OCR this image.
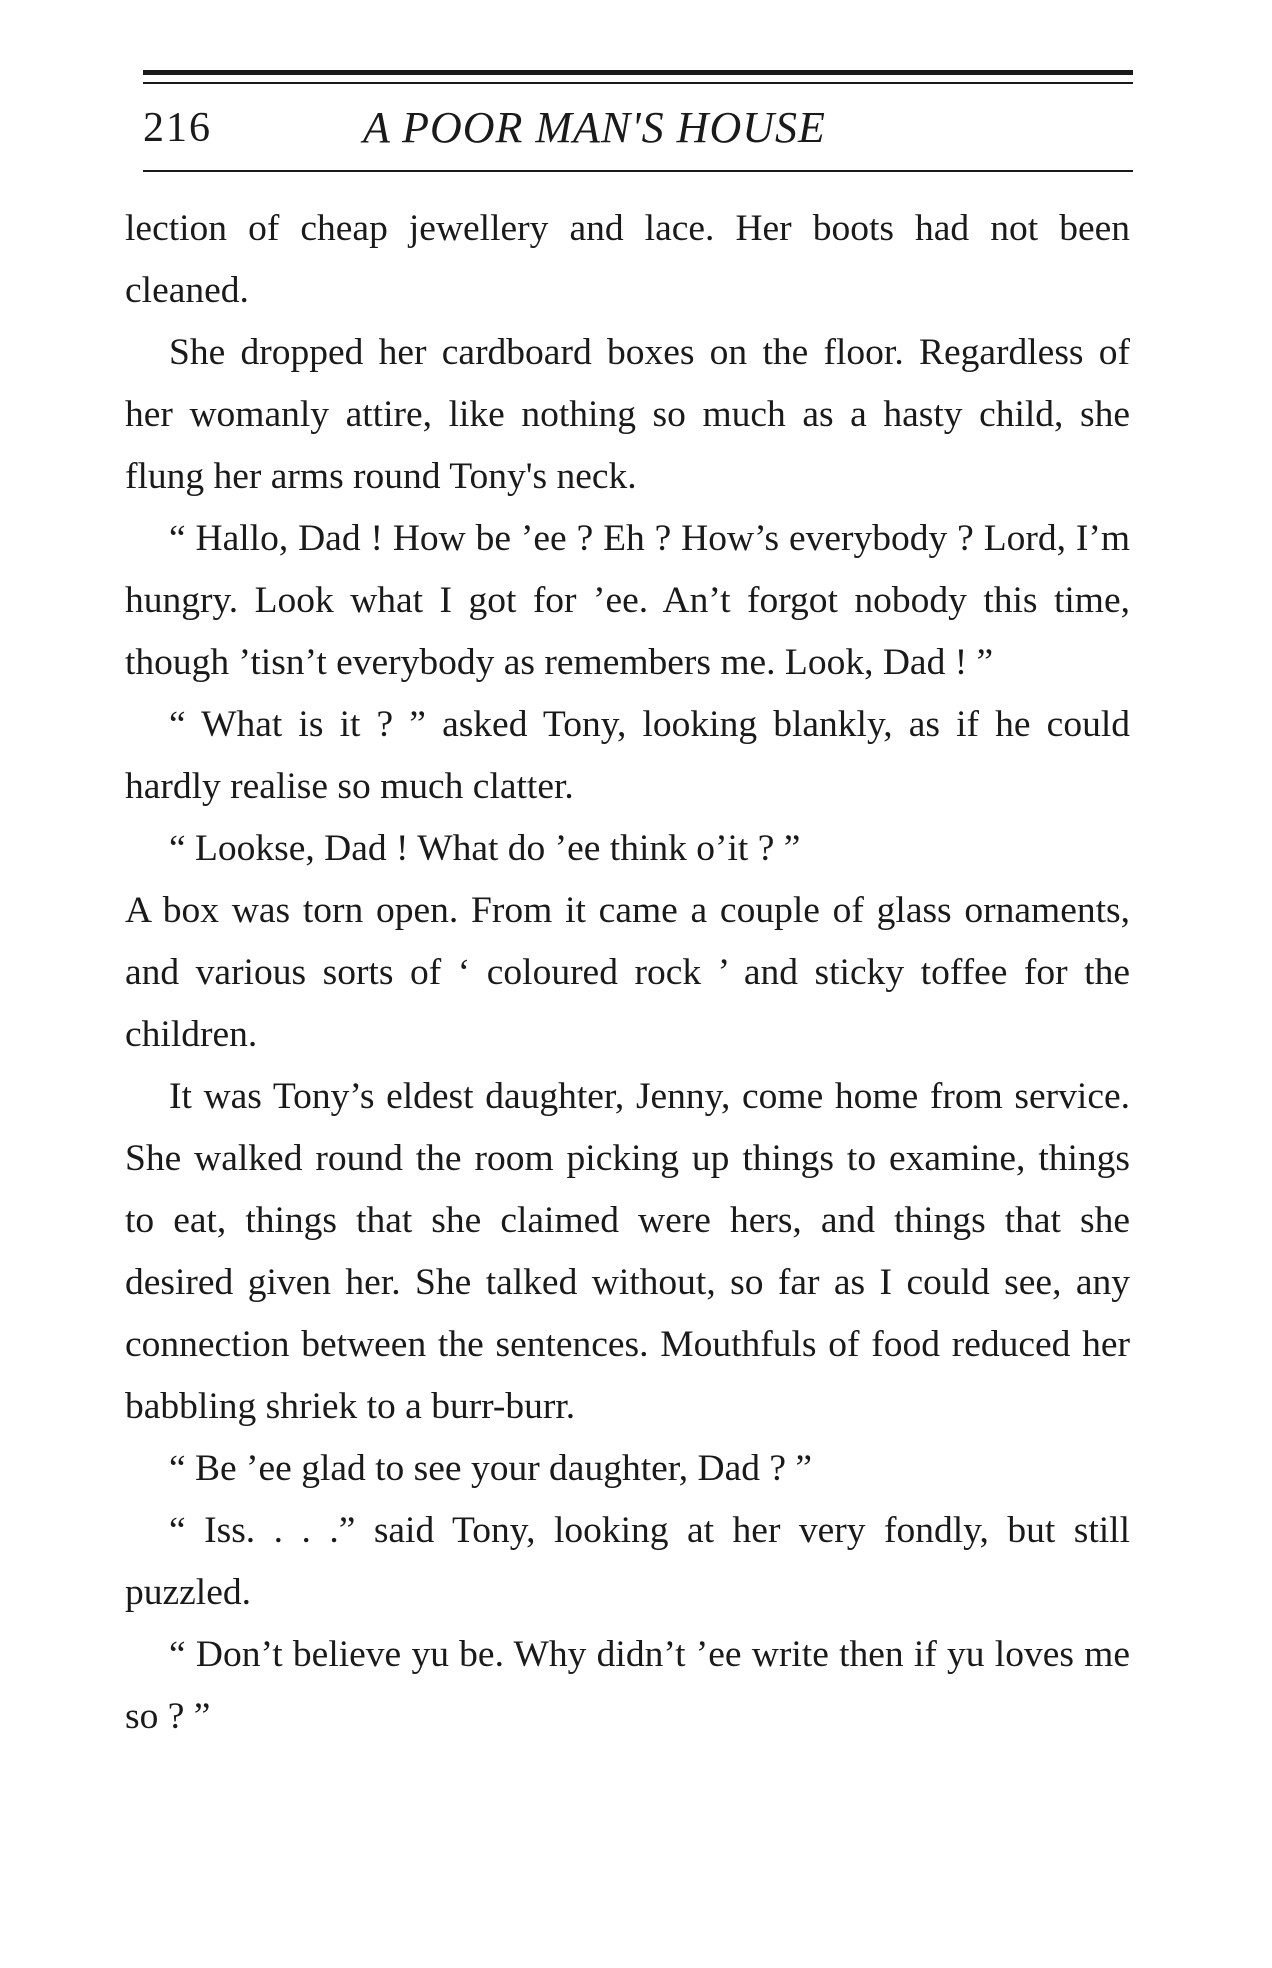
216	A POOR MAN'S HOUSE

lection of cheap jewellery and lace. Her boots had not been cleaned.

She dropped her cardboard boxes on the floor. Regardless of her womanly attire, like nothing so much as a hasty child, she flung her arms round Tony's neck.

“ Hallo, Dad ! How be ’ee ? Eh ? How’s everybody ? Lord, I’m hungry. Look what I got for ’ee. An’t forgot nobody this time, though ’tisn’t everybody as remembers me. Look, Dad ! ”

“ What is it ? ” asked Tony, looking blankly, as if he could hardly realise so much clatter.

“ Lookse, Dad ! What do ’ee think o’it ? ”

A box was torn open. From it came a couple of glass ornaments, and various sorts of ‘ coloured rock ’ and sticky toffee for the children.

It was Tony’s eldest daughter, Jenny, come home from service. She walked round the room picking up things to examine, things to eat, things that she claimed were hers, and things that she desired given her. She talked without, so far as I could see, any connection between the sentences. Mouthfuls of food reduced her babbling shriek to a burr-burr.

“ Be ’ee glad to see your daughter, Dad ? ”

“ Iss. . . .” said Tony, looking at her very fondly, but still puzzled.

“ Don’t believe yu be. Why didn’t ’ee write then if yu loves me so ? ”
